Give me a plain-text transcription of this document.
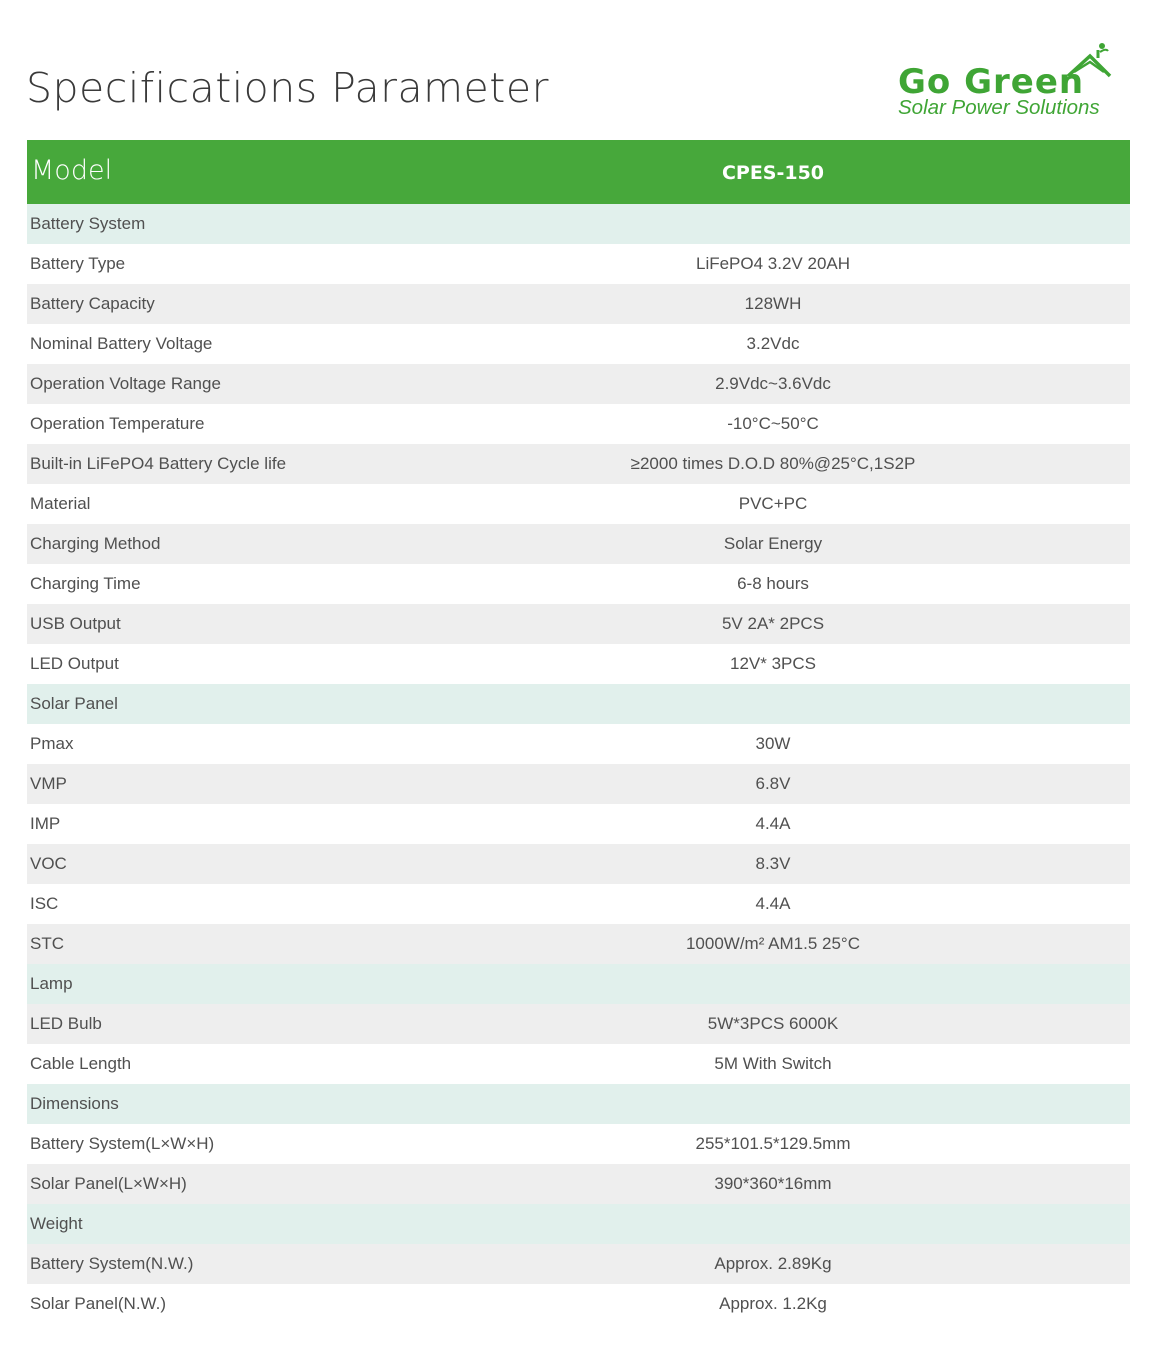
Specifications Parameter	Go Green
Solar Power Solutions
Model	CPES-150
Battery System
Battery Type	LiFePO4 3.2V 20AH
Battery Capacity	128WH
Nominal Battery Voltage	3.2Vdc
Operation Voltage Range	2.9Vdc~3.6Vdc
Operation Temperature	-10°C~50°C
Built-in LiFePO4 Battery Cycle life	≥2000 times D.O.D 80%@25°C,1S2P
Material	PVC+PC
Charging Method	Solar Energy
Charging Time	6-8 hours
USB Output	5V 2A* 2PCS
LED Output	12V* 3PCS
Solar Panel
Pmax	30W
VMP	6.8V
IMP	4.4A
VOC	8.3V
ISC	4.4A
STC	1000W/m² AM1.5 25°C
Lamp
LED Bulb	5W*3PCS 6000K
Cable Length	5M With Switch
Dimensions
Battery System(L×W×H)	255*101.5*129.5mm
Solar Panel(L×W×H)	390*360*16mm
Weight
Battery System(N.W.)	Approx. 2.89Kg
Solar Panel(N.W.)	Approx. 1.2Kg
